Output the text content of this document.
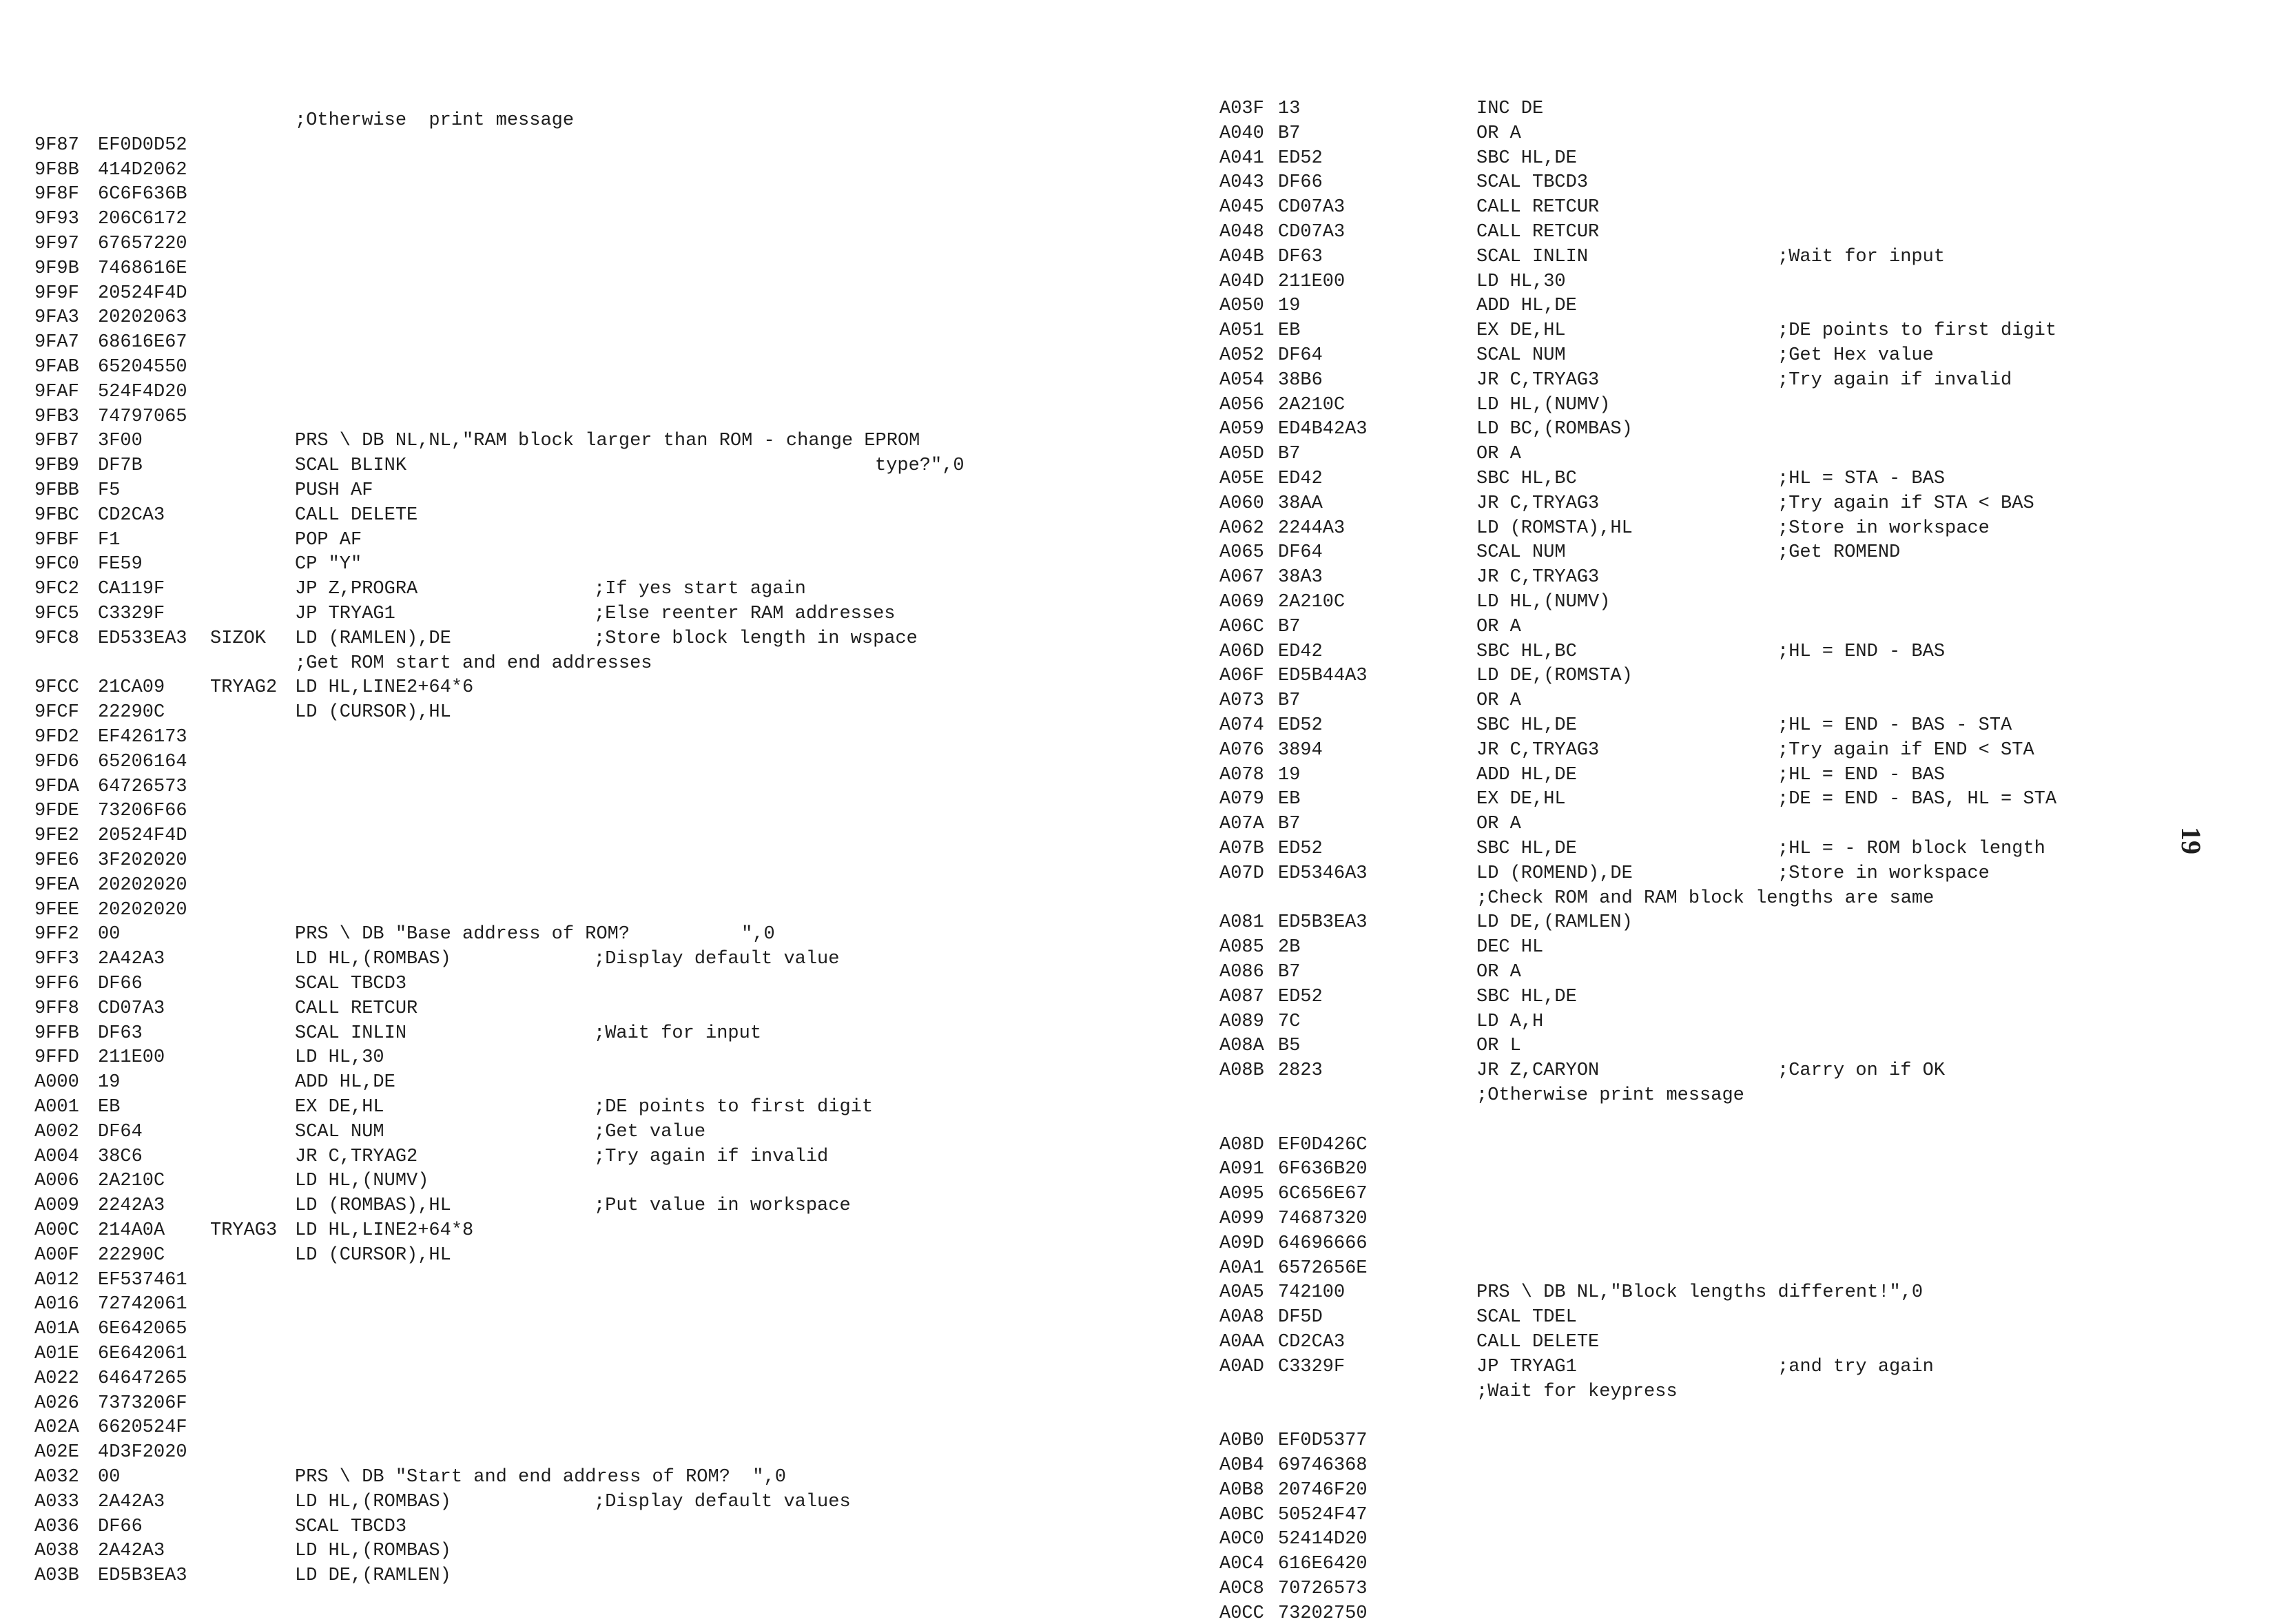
;Otherwise  print message
9F87 EF0D0D52
9F8B 414D2062
9F8F 6C6F636B
9F93 206C6172
9F97 67657220
9F9B 7468616E
9F9F 20524F4D
9FA3 20202063
9FA7 68616E67
9FAB 65204550
9FAF 524F4D20
9FB3 74797065
9FB7 3F00	PRS \ DB NL,NL,"RAM block larger than ROM - change EPROM
9FB9 DF7B	SCAL BLINK	type?",0
9FBB F5	PUSH AF
9FBC CD2CA3	CALL DELETE
9FBF F1	POP AF
9FC0 FE59	CP "Y"
9FC2 CA119F	JP Z,PROGRA	;If yes start again
9FC5 C3329F	JP TRYAG1	;Else reenter RAM addresses
9FC8 ED533EA3 SIZOK LD (RAMLEN),DE	;Store block length in wspace
;Get ROM start and end addresses
9FCC 21CA09 TRYAG2 LD HL,LINE2+64*6
9FCF 22290C	LD (CURSOR),HL
9FD2 EF426173
9FD6 65206164
9FDA 64726573
9FDE 73206F66
9FE2 20524F4D
9FE6 3F202020
9FEA 20202020
9FEE 20202020
9FF2 00	PRS \ DB "Base address of ROM?          ",0
9FF3 2A42A3	LD HL,(ROMBAS)	;Display default value
9FF6 DF66	SCAL TBCD3
9FF8 CD07A3	CALL RETCUR
9FFB DF63	SCAL INLIN	;Wait for input
9FFD 211E00	LD HL,30
A000 19	ADD HL,DE
A001 EB	EX DE,HL	;DE points to first digit
A002 DF64	SCAL NUM	;Get value
A004 38C6	JR C,TRYAG2	;Try again if invalid
A006 2A210C	LD HL,(NUMV)
A009 2242A3	LD (ROMBAS),HL	;Put value in workspace
A00C 214A0A TRYAG3 LD HL,LINE2+64*8
A00F 22290C	LD (CURSOR),HL
A012 EF537461
A016 72742061
A01A 6E642065
A01E 6E642061
A022 64647265
A026 7373206F
A02A 6620524F
A02E 4D3F2020
A032 00	PRS \ DB "Start and end address of ROM?  ",0
A033 2A42A3	LD HL,(ROMBAS)	;Display default values
A036 DF66	SCAL TBCD3
A038 2A42A3	LD HL,(ROMBAS)
A03B ED5B3EA3	LD DE,(RAMLEN)
A03F 13	INC DE
A040 B7	OR A
A041 ED52	SBC HL,DE
A043 DF66	SCAL TBCD3
A045 CD07A3	CALL RETCUR
A048 CD07A3	CALL RETCUR
A04B DF63	SCAL INLIN	;Wait for input
A04D 211E00	LD HL,30
A050 19	ADD HL,DE
A051 EB	EX DE,HL	;DE points to first digit
A052 DF64	SCAL NUM	;Get Hex value
A054 38B6	JR C,TRYAG3	;Try again if invalid
A056 2A210C	LD HL,(NUMV)
A059 ED4B42A3	LD BC,(ROMBAS)
A05D B7	OR A
A05E ED42	SBC HL,BC	;HL = STA - BAS
A060 38AA	JR C,TRYAG3	;Try again if STA < BAS
A062 2244A3	LD (ROMSTA),HL	;Store in workspace
A065 DF64	SCAL NUM	;Get ROMEND
A067 38A3	JR C,TRYAG3
A069 2A210C	LD HL,(NUMV)
A06C B7	OR A
A06D ED42	SBC HL,BC	;HL = END - BAS
A06F ED5B44A3	LD DE,(ROMSTA)
A073 B7	OR A
A074 ED52	SBC HL,DE	;HL = END - BAS - STA
A076 3894	JR C,TRYAG3	;Try again if END < STA
A078 19	ADD HL,DE	;HL = END - BAS
A079 EB	EX DE,HL	;DE = END - BAS, HL = STA
A07A B7	OR A
A07B ED52	SBC HL,DE	;HL = - ROM block length
A07D ED5346A3	LD (ROMEND),DE	;Store in workspace
;Check ROM and RAM block lengths are same
A081 ED5B3EA3	LD DE,(RAMLEN)
A085 2B	DEC HL
A086 B7	OR A
A087 ED52	SBC HL,DE
A089 7C	LD A,H
A08A B5	OR L
A08B 2823	JR Z,CARYON	;Carry on if OK
;Otherwise print message
A08D EF0D426C
A091 6F636B20
A095 6C656E67
A099 74687320
A09D 64696666
A0A1 6572656E
A0A5 742100	PRS \ DB NL,"Block lengths different!",0
A0A8 DF5D	SCAL TDEL
A0AA CD2CA3	CALL DELETE
A0AD C3329F	JP TRYAG1	;and try again
;Wait for keypress
A0B0 EF0D5377
A0B4 69746368
A0B8 20746F20
A0BC 50524F47
A0C0 52414D20
A0C4 616E6420
A0C8 70726573
A0CC 73202750
19
